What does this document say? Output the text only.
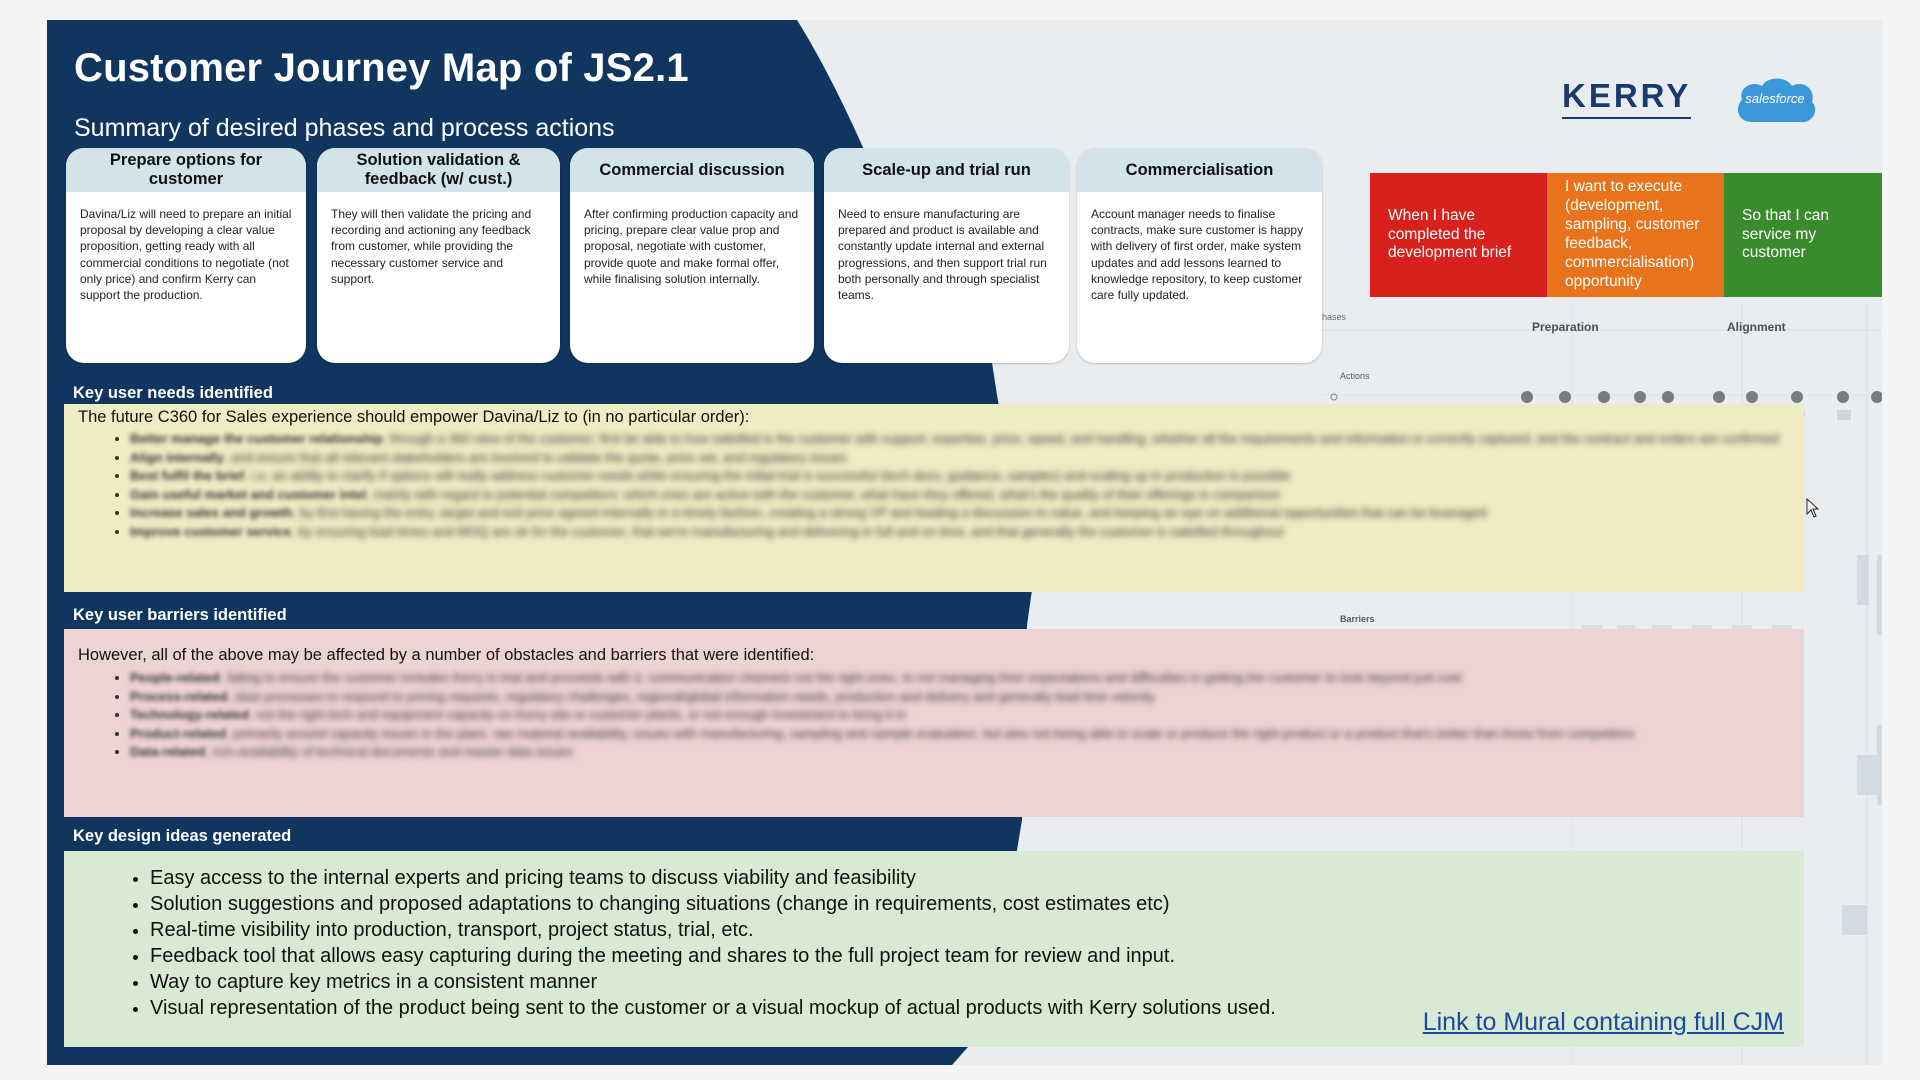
hases
Preparation	Alignment
Actions
Barriers
Customer Journey Map of JS2.1
Summary of desired phases and process actions
KERRY	salesforce
Prepare options for customer
Davina/Liz will need to prepare an initial proposal by developing a clear value proposition, getting ready with all commercial conditions to negotiate (not only price) and confirm Kerry can support the production.
Solution validation & feedback (w/ cust.)
They will then validate the pricing and recording and actioning any feedback from customer, while providing the necessary customer service and support.
Commercial discussion
After confirming production capacity and pricing, prepare clear value prop and proposal, negotiate with customer, provide quote and make formal offer, while finalising solution internally.
Scale-up and trial run
Need to ensure manufacturing are prepared and product is available and constantly update internal and external progressions, and then support trial run both personally and through specialist teams.
Commercialisation
Account manager needs to finalise contracts, make sure customer is happy with delivery of first order, make system updates and add lessons learned to knowledge repository, to keep customer care fully updated.
When I have completed the development brief
I want to execute (development, sampling, customer feedback, commercialisation) opportunity
So that I can service my customer
Key user needs identified
The future C360 for Sales experience should empower Davina/Liz to (in no particular order):
• Better manage the customer relationship, through a 360 view of the customer, first be able to how satisfied is the customer with support, expertise, price, speed, and handling, whether all the requirements and information is correctly captured, and the contract and orders are confirmed
• Align internally, and ensure that all relevant stakeholders are involved to validate the quote, price set, and regulatory issues
• Best fulfil the brief, i.e. an ability to clarify if options will really address customer needs while ensuring the initial trial is successful (tech docs, guidance, samples) and scaling up in production is possible
• Gain useful market and customer intel, mainly with regard to potential competitors: which ones are active with the customer, what have they offered, what's the quality of their offerings in comparison
• Increase sales and growth, by first having the entry, target and exit price agreed internally in a timely fashion, creating a strong VP and leading a discussion to value, and keeping an eye on additional opportunities that can be leveraged
• Improve customer service, by ensuring lead times and MOQ are ok for the customer, that we're manufacturing and delivering in full and on time, and that generally the customer is satisfied throughout
Key user barriers identified
However, all of the above may be affected by a number of obstacles and barriers that were identified:
• People-related, failing to ensure the customer includes Kerry in trial and proceeds with it, communication channels not the right ones, to not managing their expectations and difficulties in getting the customer to look beyond just cost
• Process-related, slow processes to respond to pricing requests, regulatory challenges, regional/global information needs, production and delivery and generally lead time velocity
• Technology-related, not the right tech and equipment capacity on Kerry site or customer plants, or not enough investment to bring it in
• Product-related, primarily around capacity issues in the plant, raw material availability, issues with manufacturing, sampling and sample evaluation, but also not being able to scale or produce the right product or a product that's better than those from competitors
• Data-related, non-availability of technical documents and master data issues
Key design ideas generated
• Easy access to the internal experts and pricing teams to discuss viability and feasibility
• Solution suggestions and proposed adaptations to changing situations (change in requirements, cost estimates etc)
• Real-time visibility into production, transport, project status, trial, etc.
• Feedback tool that allows easy capturing during the meeting and shares to the full project team for review and input.
• Way to capture key metrics in a consistent manner
• Visual representation of the product being sent to the customer or a visual mockup of actual products with Kerry solutions used.	Link to Mural containing full CJM
